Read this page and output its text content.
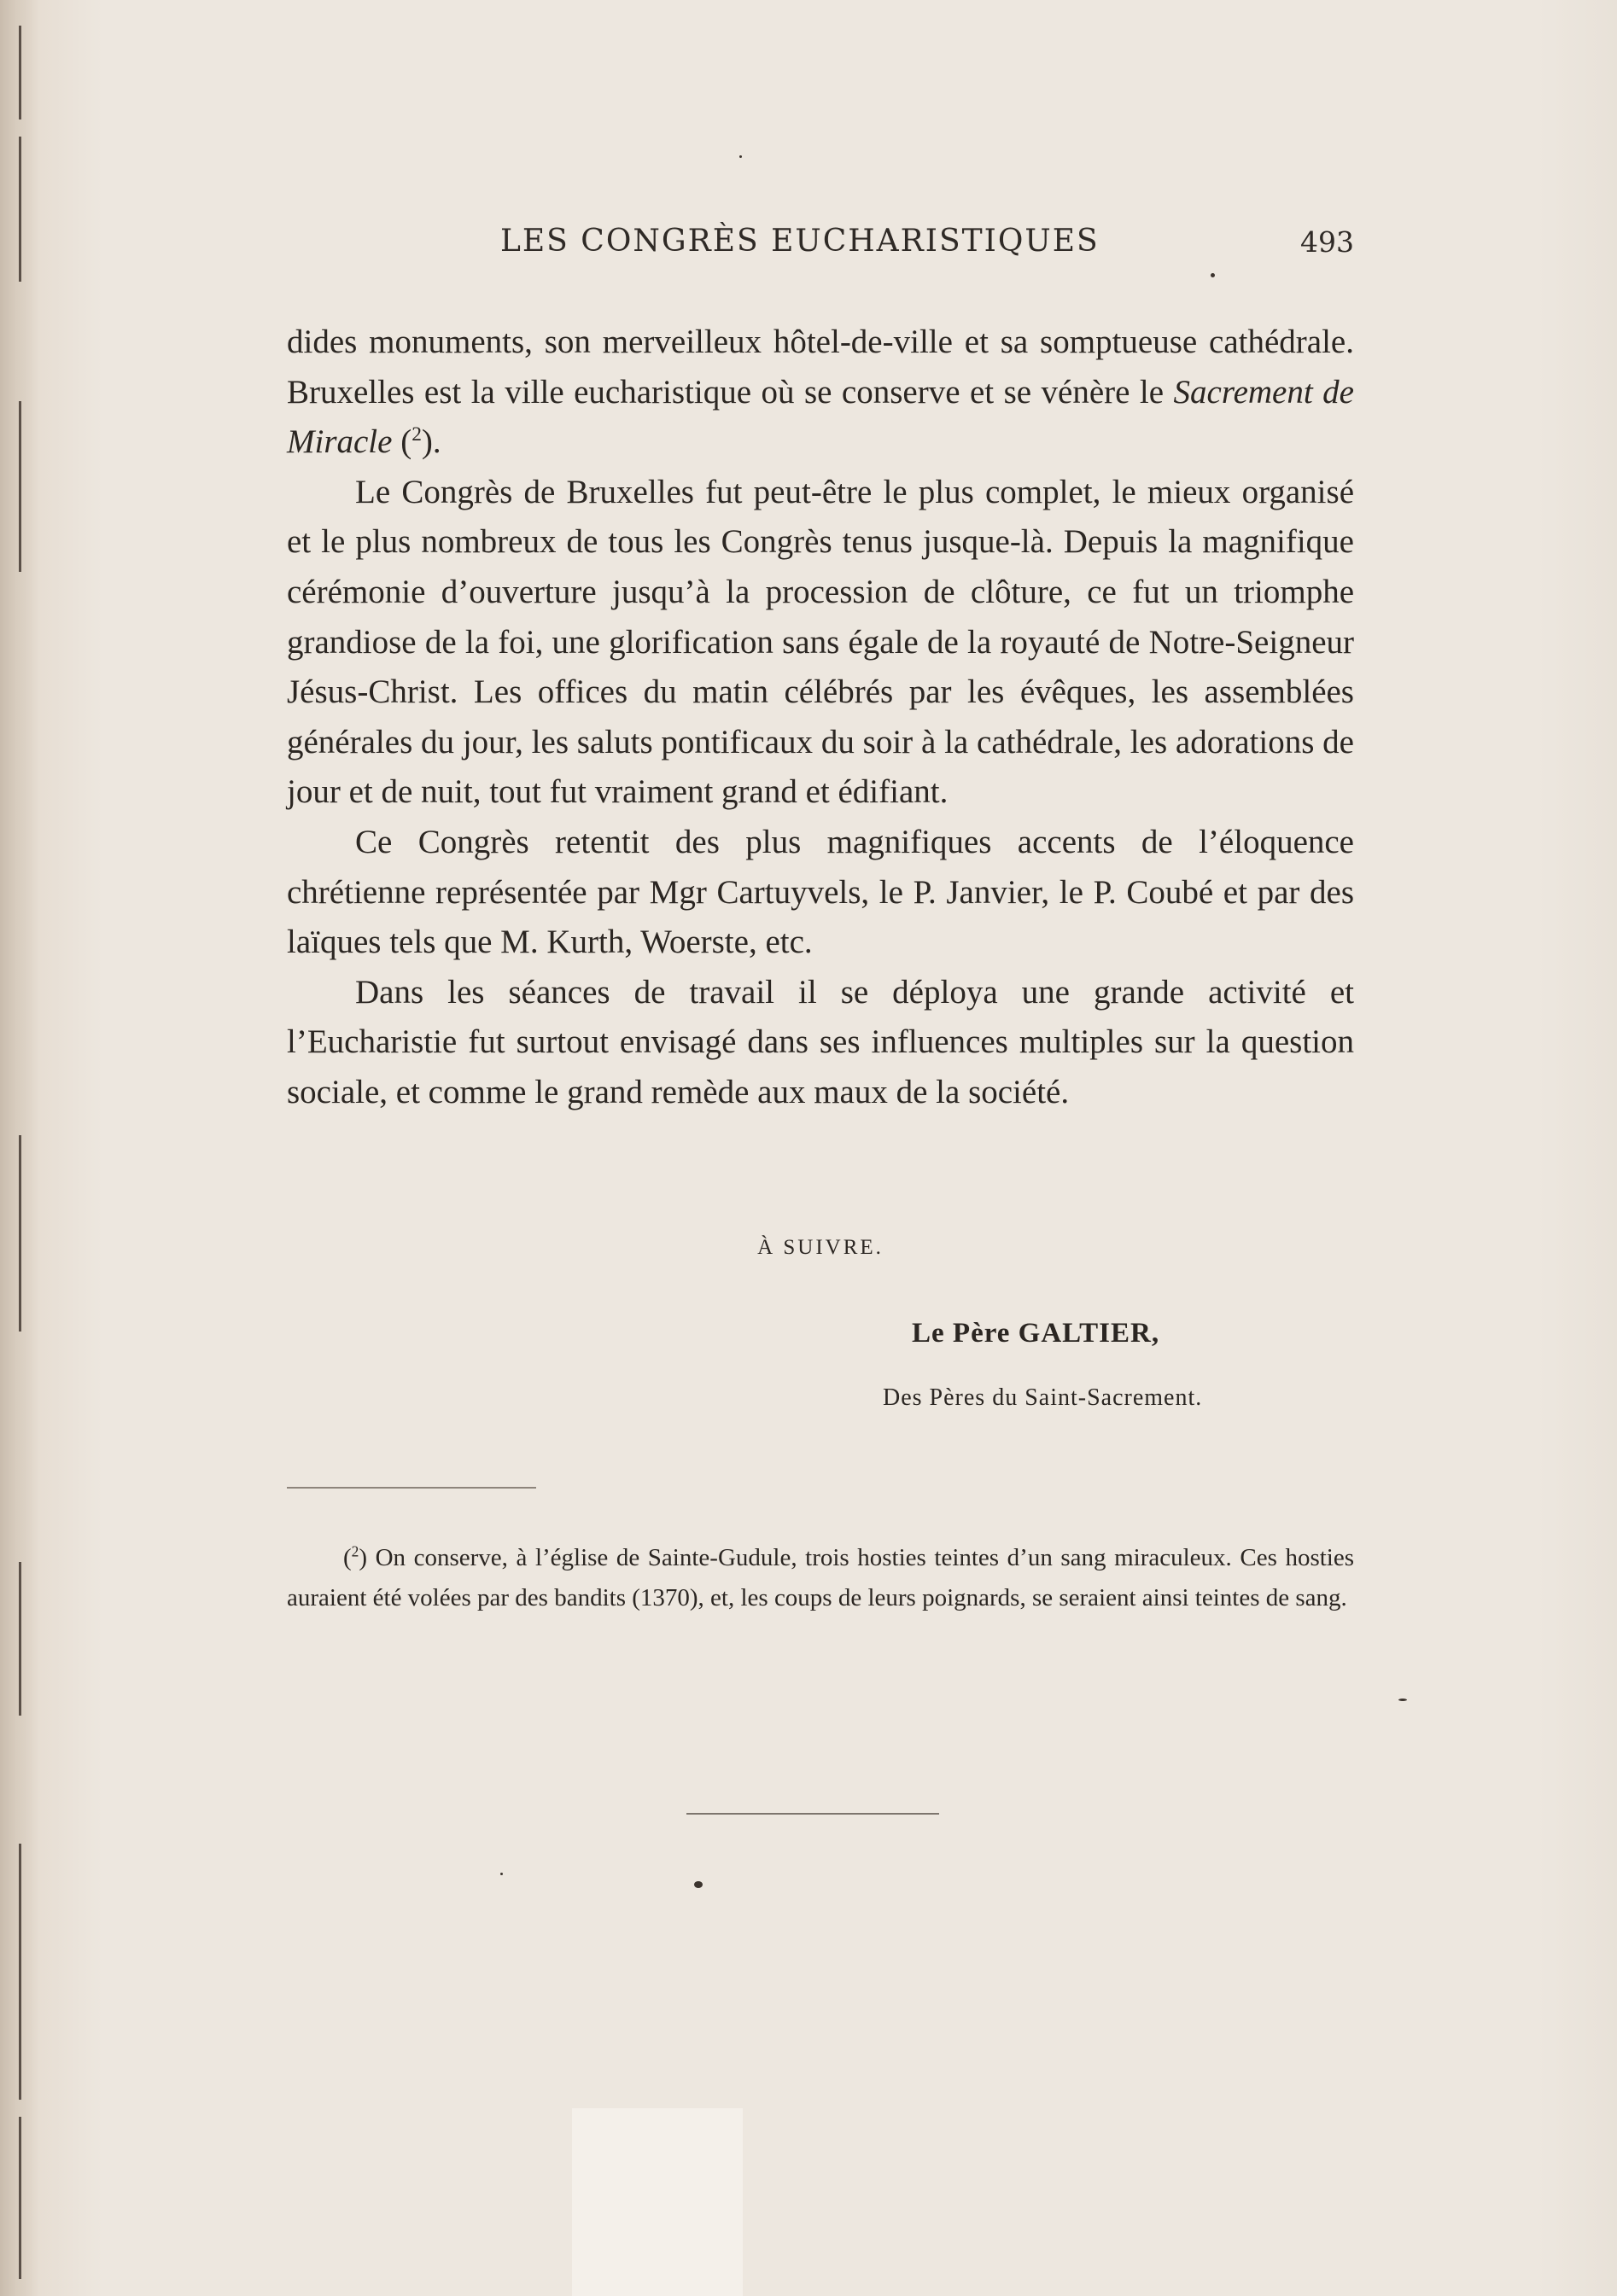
LES CONGRÈS EUCHARISTIQUES	493

dides monuments, son merveilleux hôtel-de-ville et sa somptueuse cathédrale. Bruxelles est la ville eucharistique où se conserve et se vénère le Sacrement de Miracle ($^2$).

Le Congrès de Bruxelles fut peut-être le plus complet, le mieux organisé et le plus nombreux de tous les Congrès tenus jusque-là. Depuis la magnifique cérémonie d’ouverture jusqu’à la procession de clôture, ce fut un triomphe grandiose de la foi, une glorification sans égale de la royauté de Notre-Seigneur Jésus-Christ. Les offices du matin célébrés par les évêques, les assemblées générales du jour, les saluts pontificaux du soir à la cathédrale, les adorations de jour et de nuit, tout fut vraiment grand et édifiant.

Ce Congrès retentit des plus magnifiques accents de l’éloquence chrétienne représentée par Mgr Cartuyvels, le P. Janvier, le P. Coubé et par des laïques tels que M. Kurth, Woerste, etc.

Dans les séances de travail il se déploya une grande activité et l’Eucharistie fut surtout envisagé dans ses influences multiples sur la question sociale, et comme le grand remède aux maux de la société.

À SUIVRE.
Le Père GALTIER,
Des Pères du Saint-Sacrement.

($^2$) On conserve, à l’église de Sainte-Gudule, trois hosties teintes d’un sang miraculeux. Ces hosties auraient été volées par des bandits (1370), et, les coups de leurs poignards, se seraient ainsi teintes de sang.
